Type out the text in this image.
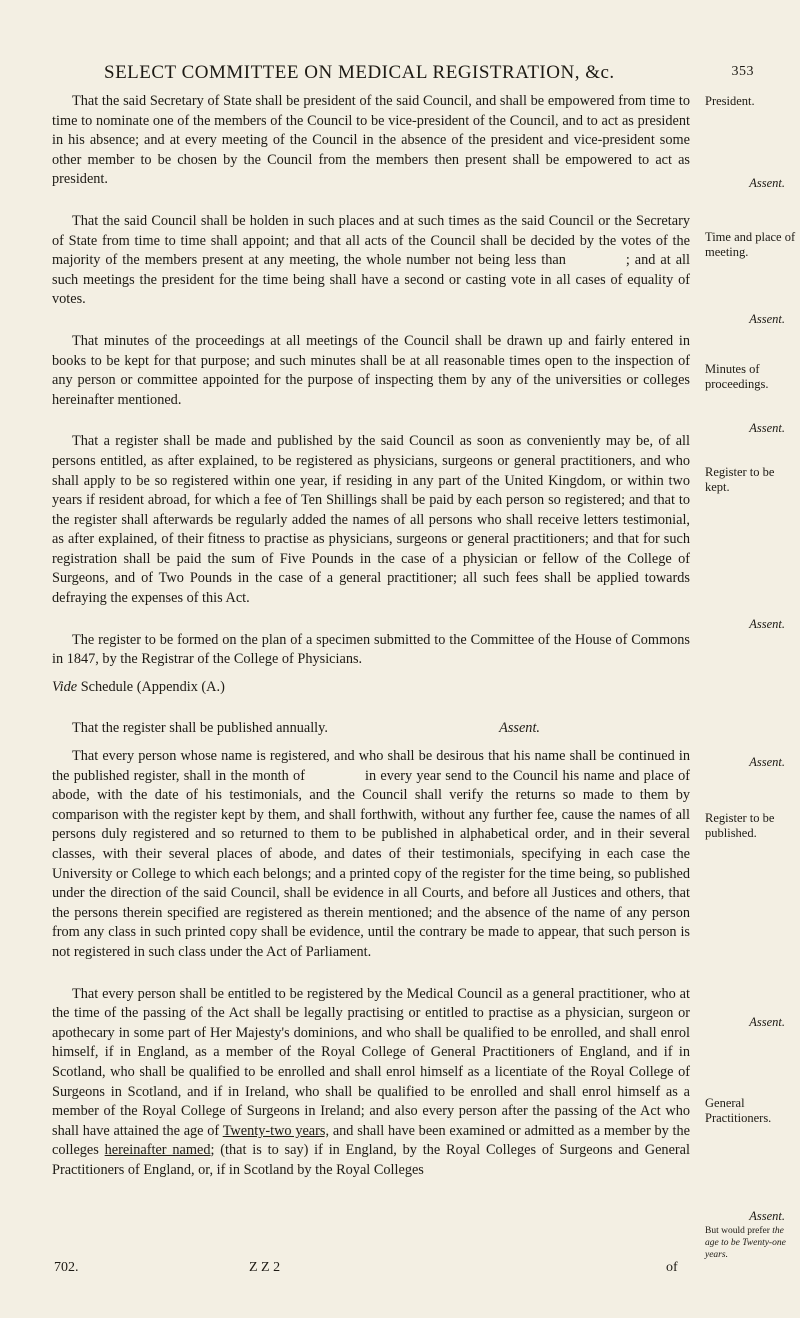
SELECT COMMITTEE ON MEDICAL REGISTRATION, &c.	353

That the said Secretary of State shall be president of the said Council, and shall be empowered from time to time to nominate one of the members of the Council to be vice-president of the Council, and to act as president in his absence; and at every meeting of the Council in the absence of the president and vice-president some other member to be chosen by the Council from the members then present shall be empowered to act as president.

That the said Council shall be holden in such places and at such times as the said Council or the Secretary of State from time to time shall appoint; and that all acts of the Council shall be decided by the votes of the majority of the members present at any meeting, the whole number not being less than	; and at all such meetings the president for the time being shall have a second or casting vote in all cases of equality of votes.

That minutes of the proceedings at all meetings of the Council shall be drawn up and fairly entered in books to be kept for that purpose; and such minutes shall be at all reasonable times open to the inspection of any person or committee appointed for the purpose of inspecting them by any of the universities or colleges hereinafter mentioned.

That a register shall be made and published by the said Council as soon as conveniently may be, of all persons entitled, as after explained, to be registered as physicians, surgeons or general practitioners, and who shall apply to be so registered within one year, if residing in any part of the United Kingdom, or within two years if resident abroad, for which a fee of Ten Shillings shall be paid by each person so registered; and that to the register shall afterwards be regularly added the names of all persons who shall receive letters testimonial, as after explained, of their fitness to practise as physicians, surgeons or general practitioners; and that for such registration shall be paid the sum of Five Pounds in the case of a physician or fellow of the College of Surgeons, and of Two Pounds in the case of a general practitioner; all such fees shall be applied towards defraying the expenses of this Act.

The register to be formed on the plan of a specimen submitted to the Committee of the House of Commons in 1847, by the Registrar of the College of Physicians.

Vide Schedule (Appendix (A.)

That the register shall be published annually.	Assent.

That every person whose name is registered, and who shall be desirous that his name shall be continued in the published register, shall in the month of	in every year send to the Council his name and place of abode, with the date of his testimonials, and the Council shall verify the returns so made to them by comparison with the register kept by them, and shall forthwith, without any further fee, cause the names of all persons duly registered and so returned to them to be published in alphabetical order, and in their several classes, with their several places of abode, and dates of their testimonials, specifying in each case the University or College to which each belongs; and a printed copy of the register for the time being, so published under the direction of the said Council, shall be evidence in all Courts, and before all Justices and others, that the persons therein specified are registered as therein mentioned; and the absence of the name of any person from any class in such printed copy shall be evidence, until the contrary be made to appear, that such person is not registered in such class under the Act of Parliament.

That every person shall be entitled to be registered by the Medical Council as a general practitioner, who at the time of the passing of the Act shall be legally practising or entitled to practise as a physician, surgeon or apothecary in some part of Her Majesty's dominions, and who shall be qualified to be enrolled, and shall enrol himself, if in England, as a member of the Royal College of General Practitioners of England, and if in Scotland, who shall be qualified to be enrolled and shall enrol himself as a licentiate of the Royal College of Surgeons in Scotland, and if in Ireland, who shall be qualified to be enrolled and shall enrol himself as a member of the Royal College of Surgeons in Ireland; and also every person after the passing of the Act who shall have attained the age of Twenty-two years, and shall have been examined or admitted as a member by the colleges hereinafter named; (that is to say) if in England, by the Royal Colleges of Surgeons and General Practitioners of England, or, if in Scotland by the Royal Colleges

President.
Assent.
Time and place of meeting.
Assent.
Minutes of proceedings.
Assent.
Register to be kept.
Assent.
Assent.
Register to be published.
Assent.
General Practitioners.
Assent.
But would prefer the age to be Twenty-one years.
702.	Z Z 2	of
